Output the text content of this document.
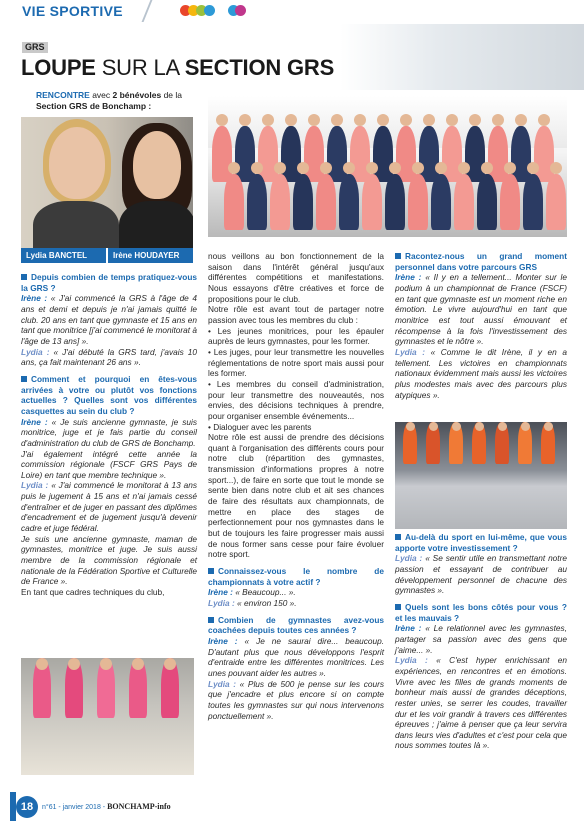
VIE SPORTIVE
GRS
LOUPE SUR LA SECTION GRS
RENCONTRE avec 2 bénévoles de la Section GRS de Bonchamp :
Lydia BANCTEL	Irène HOUDAYER

Depuis combien de temps pratiquez-vous la GRS ?

Irène : « J'ai commencé la GRS à l'âge de 4 ans et demi et depuis je n'ai jamais quitté le club. 20 ans en tant que gymnaste et 15 ans en tant que monitrice [j'ai commencé le monitorat à l'âge de 13 ans] ».

Lydia : « J'ai débuté la GRS tard, j'avais 10 ans, ça fait maintenant 26 ans ».

Comment et pourquoi en êtes-vous arrivées à votre ou plutôt vos fonctions actuelles ? Quelles sont vos différentes casquettes au sein du club ?

Irène : « Je suis ancienne gymnaste, je suis monitrice, juge et je fais partie du conseil d'administration du club de GRS de Bonchamp.

J'ai également intégré cette année la commission régionale (FSCF GRS Pays de Loire) en tant que membre technique ».

Lydia : « J'ai commencé le monitorat à 13 ans puis le jugement à 15 ans et n'ai jamais cessé d'entraîner et de juger en passant des diplômes d'encadrement et de jugement jusqu'à devenir cadre et juge fédéral.

Je suis une ancienne gymnaste, maman de gymnastes, monitrice et juge. Je suis aussi membre de la commission régionale et nationale de la Fédération Sportive et Culturelle de France ».

En tant que cadres techniques du club,

nous veillons au bon fonctionnement de la saison dans l'intérêt général jusqu'aux différentes compétitions et manifestations. Nous essayons d'être créatives et force de propositions pour le club.

Notre rôle est avant tout de partager notre passion avec tous les membres du club :

• Les jeunes monitrices, pour les épauler auprès de leurs gymnastes, pour les former.

• Les juges, pour leur transmettre les nouvelles réglementations de notre sport mais aussi pour les former.

• Les membres du conseil d'administration, pour leur transmettre des nouveautés, nos envies, des décisions techniques à prendre, pour organiser ensemble événements...

• Dialoguer avec les parents

Notre rôle est aussi de prendre des décisions quant à l'organisation des différents cours pour notre club (répartition des gymnastes, transmission d'informations propres à notre sport...), de faire en sorte que tout le monde se sente bien dans notre club et ait ses chances de faire des résultats aux championnats, de mettre en place des stages de perfectionnement pour nos gymnastes dans le but de toujours les faire progresser mais aussi de nous former sans cesse pour faire évoluer notre sport.

Connaissez-vous le nombre de championnats à votre actif ?

Irène : « Beaucoup... ».

Lydia : « environ 150 ».

Combien de gymnastes avez-vous coachées depuis toutes ces années ?

Irène : « Je ne saurai dire... beaucoup. D'autant plus que nous développons l'esprit d'entraide entre les différentes monitrices. Les unes pouvant aider les autres ».

Lydia : « Plus de 500 je pense sur les cours que j'encadre et plus encore si on compte toutes les gymnastes sur qui nous intervenons ponctuellement ».

Racontez-nous un grand moment personnel dans votre parcours GRS

Irène : « Il y en a tellement... Monter sur le podium à un championnat de France (FSCF) en tant que gymnaste est un moment riche en émotion. Le vivre aujourd'hui en tant que monitrice est tout aussi émouvant et récompense à la fois l'investissement des gymnastes et le nôtre ».

Lydia : « Comme le dit Irène, il y en a tellement. Les victoires en championnats nationaux évidemment mais aussi les victoires plus modestes mais avec des parcours plus atypiques ».

Au-delà du sport en lui-même, que vous apporte votre investissement ?

Lydia : « Se sentir utile en transmettant notre passion et essayant de contribuer au développement personnel de chacune des gymnastes ».

Quels sont les bons côtés pour vous ? et les mauvais ?

Irène : « Le relationnel avec les gymnastes, partager sa passion avec des gens que j'aime... ».

Lydia : « C'est hyper enrichissant en expériences, en rencontres et en émotions. Vivre avec les filles de grands moments de bonheur mais aussi de grandes déceptions, rester unies, se serrer les coudes, travailler dur et les voir grandir à travers ces différentes épreuves ; j'aime à penser que ça leur servira dans leurs vies d'adultes et c'est pour cela que nous sommes toutes là ».

18	n°61 - janvier 2018 - BONCHAMP-info
